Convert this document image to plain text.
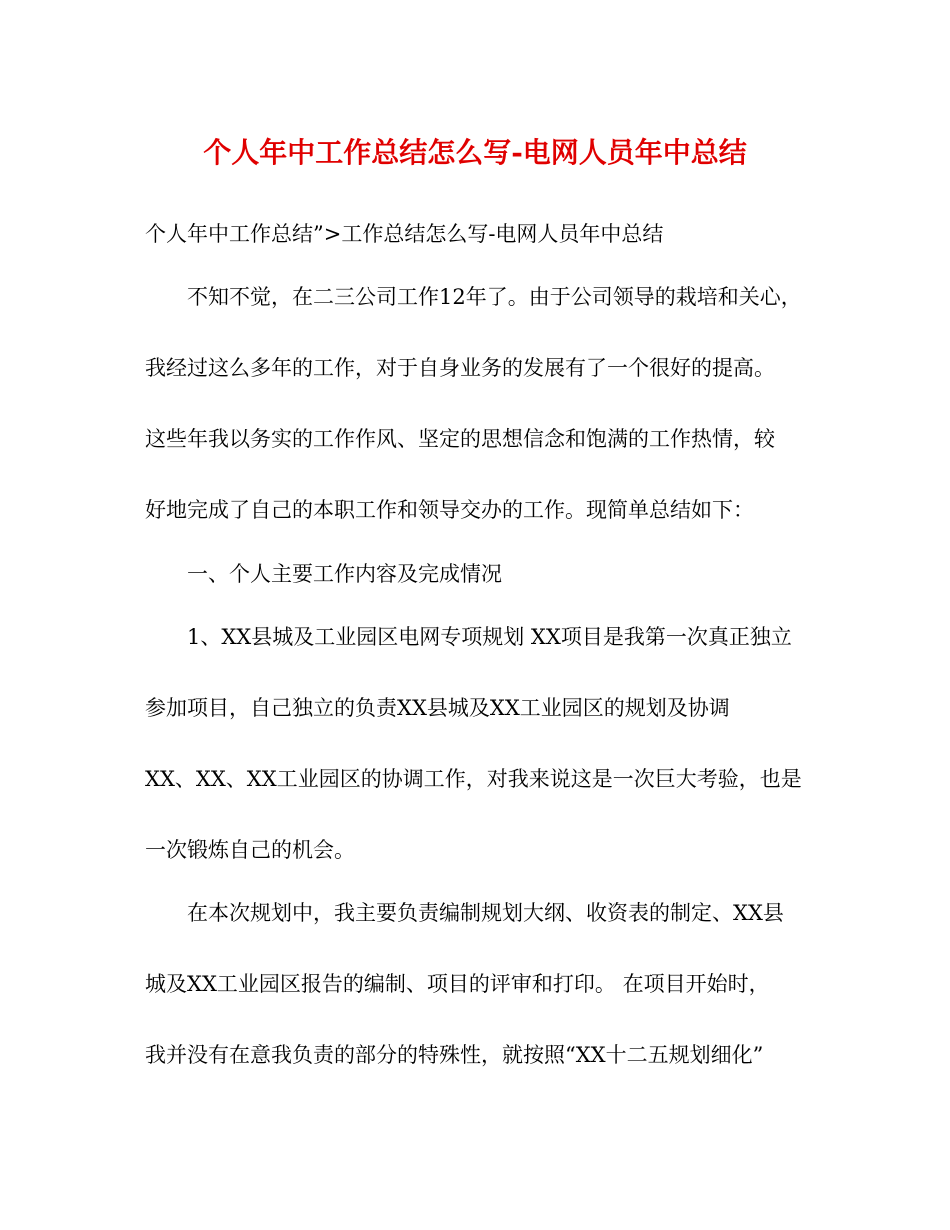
个人年中工作总结怎么写-电网人员年中总结
个人年中工作总结”>工作总结怎么写-电网人员年中总结
不知不觉，在二三公司工作12年了。由于公司领导的栽培和关心，
我经过这么多年的工作，对于自身业务的发展有了一个很好的提高。
这些年我以务实的工作作风、坚定的思想信念和饱满的工作热情，较
好地完成了自己的本职工作和领导交办的工作。现简单总结如下：
一、个人主要工作内容及完成情况
1、XX县城及工业园区电网专项规划 XX项目是我第一次真正独立
参加项目，自己独立的负责XX县城及XX工业园区的规划及协调
XX、XX、XX工业园区的协调工作，对我来说这是一次巨大考验，也是
一次锻炼自己的机会。
在本次规划中，我主要负责编制规划大纲、收资表的制定、XX县
城及XX工业园区报告的编制、项目的评审和打印。 在项目开始时，
我并没有在意我负责的部分的特殊性，就按照“XX十二五规划细化”
